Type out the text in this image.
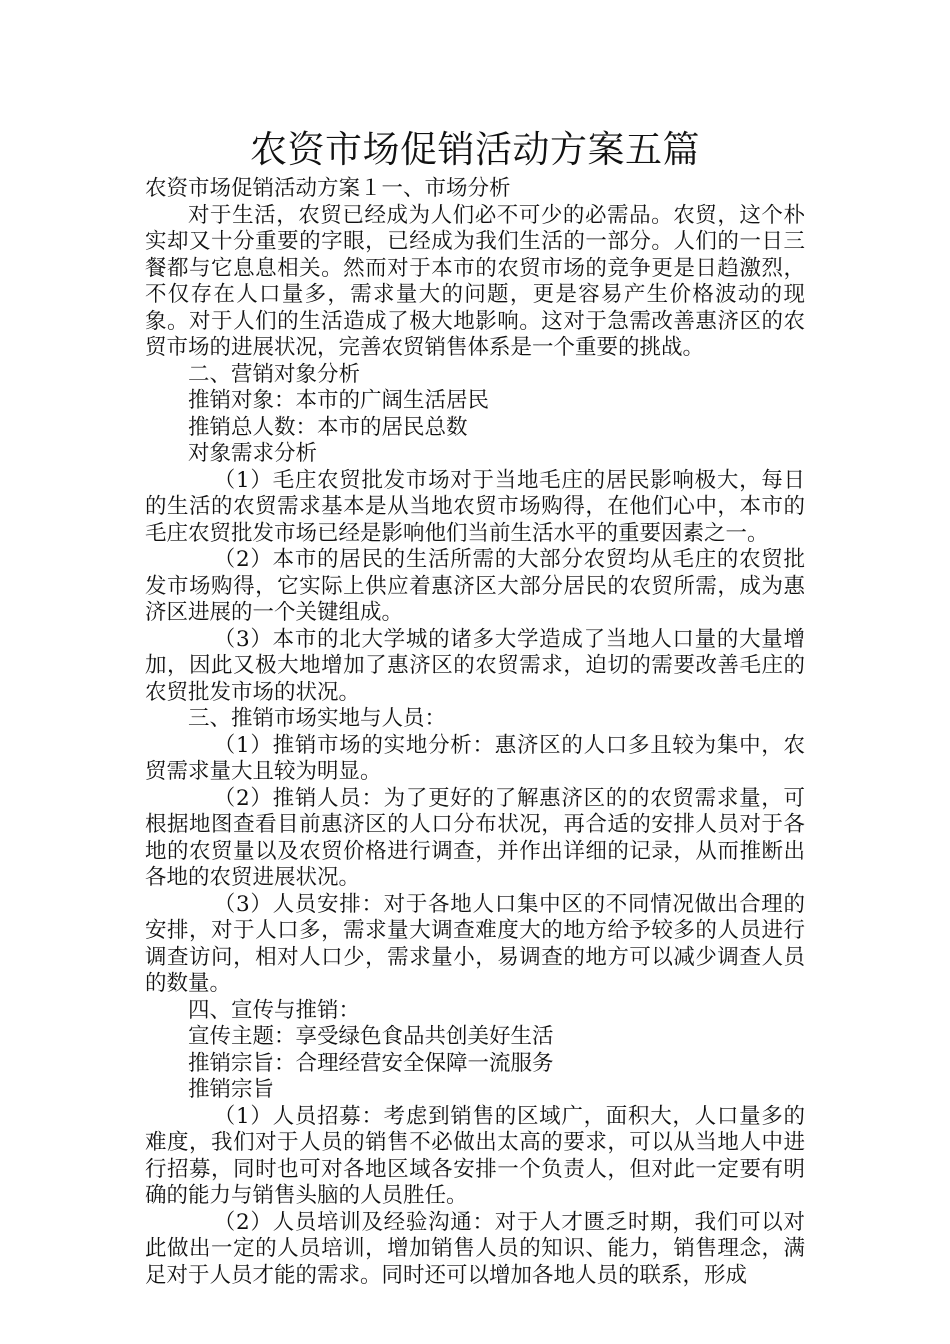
农资市场促销活动方案五篇

农资市场促销活动方案１一、市场分析

对于生活，农贸已经成为人们必不可少的必需品。农贸，这个朴实却又十分重要的字眼，已经成为我们生活的一部分。人们的一日三餐都与它息息相关。然而对于本市的农贸市场的竞争更是日趋激烈，不仅存在人口量多，需求量大的问题，更是容易产生价格波动的现象。对于人们的生活造成了极大地影响。这对于急需改善惠济区的农贸市场的进展状况，完善农贸销售体系是一个重要的挑战。

二、营销对象分析

推销对象：本市的广阔生活居民

推销总人数：本市的居民总数

对象需求分析

（1）毛庄农贸批发市场对于当地毛庄的居民影响极大，每日的生活的农贸需求基本是从当地农贸市场购得，在他们心中，本市的毛庄农贸批发市场已经是影响他们当前生活水平的重要因素之一。

（2）本市的居民的生活所需的大部分农贸均从毛庄的农贸批发市场购得，它实际上供应着惠济区大部分居民的农贸所需，成为惠济区进展的一个关键组成。

（3）本市的北大学城的诸多大学造成了当地人口量的大量增加，因此又极大地增加了惠济区的农贸需求，迫切的需要改善毛庄的农贸批发市场的状况。

三、推销市场实地与人员：

（1）推销市场的实地分析：惠济区的人口多且较为集中，农贸需求量大且较为明显。

（2）推销人员：为了更好的了解惠济区的的农贸需求量，可根据地图查看目前惠济区的人口分布状况，再合适的安排人员对于各地的农贸量以及农贸价格进行调查，并作出详细的记录，从而推断出各地的农贸进展状况。

（3）人员安排：对于各地人口集中区的不同情况做出合理的安排，对于人口多，需求量大调查难度大的地方给予较多的人员进行调查访问，相对人口少，需求量小，易调查的地方可以减少调查人员的数量。

四、宣传与推销：

宣传主题：享受绿色食品共创美好生活

推销宗旨：合理经营安全保障一流服务

推销宗旨

（1）人员招募：考虑到销售的区域广，面积大，人口量多的难度，我们对于人员的销售不必做出太高的要求，可以从当地人中进行招募，同时也可对各地区域各安排一个负责人，但对此一定要有明确的能力与销售头脑的人员胜任。

（2）人员培训及经验沟通：对于人才匮乏时期，我们可以对此做出一定的人员培训，增加销售人员的知识、能力，销售理念，满足对于人员才能的需求。同时还可以增加各地人员的联系，形成
